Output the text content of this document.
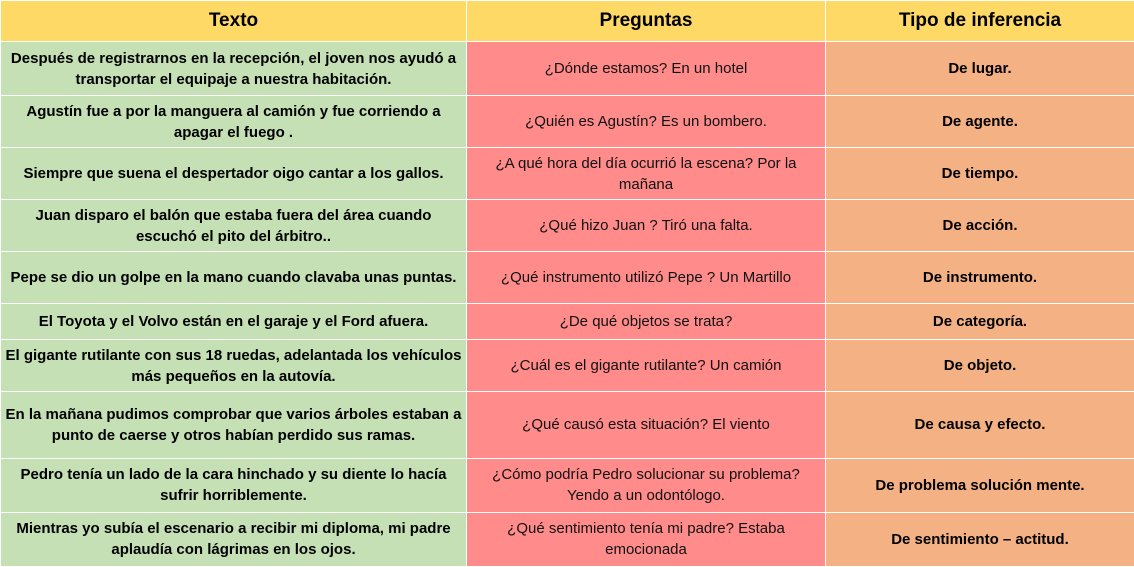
Texto	Preguntas	Tipo de inferencia
Después de registrarnos en la recepción, el joven nos ayudó a transportar el equipaje a nuestra habitación.	¿Dónde estamos? En un hotel	De lugar.
Agustín fue a por la manguera al camión y fue corriendo a apagar el fuego .	¿Quién es Agustín? Es un bombero.	De agente.
Siempre que suena el despertador oigo cantar a los gallos.	¿A qué hora del día ocurrió la escena? Por la mañana	De tiempo.
Juan disparo el balón que estaba fuera del área cuando escuchó el pito del árbitro..	¿Qué hizo Juan ? Tiró una falta.	De acción.
Pepe se dio un golpe en la mano cuando clavaba unas puntas.	¿Qué instrumento utilizó Pepe ? Un Martillo	De instrumento.
El Toyota y el Volvo están en el garaje y el Ford afuera.	¿De qué objetos se trata?	De categoría.
El gigante rutilante con sus 18 ruedas, adelantada los vehículos más pequeños en la autovía.	¿Cuál es el gigante rutilante? Un camión	De objeto.
En la mañana pudimos comprobar que varios árboles estaban a punto de caerse y otros habían perdido sus ramas.	¿Qué causó esta situación? El viento	De causa y efecto.
Pedro tenía un lado de la cara hinchado y su diente lo hacía sufrir horriblemente.	¿Cómo podría Pedro solucionar su problema? Yendo a un odontólogo.	De problema solución mente.
Mientras yo subía el escenario a recibir mi diploma, mi padre aplaudía con lágrimas en los ojos.	¿Qué sentimiento tenía mi padre? Estaba emocionada	De sentimiento – actitud.
